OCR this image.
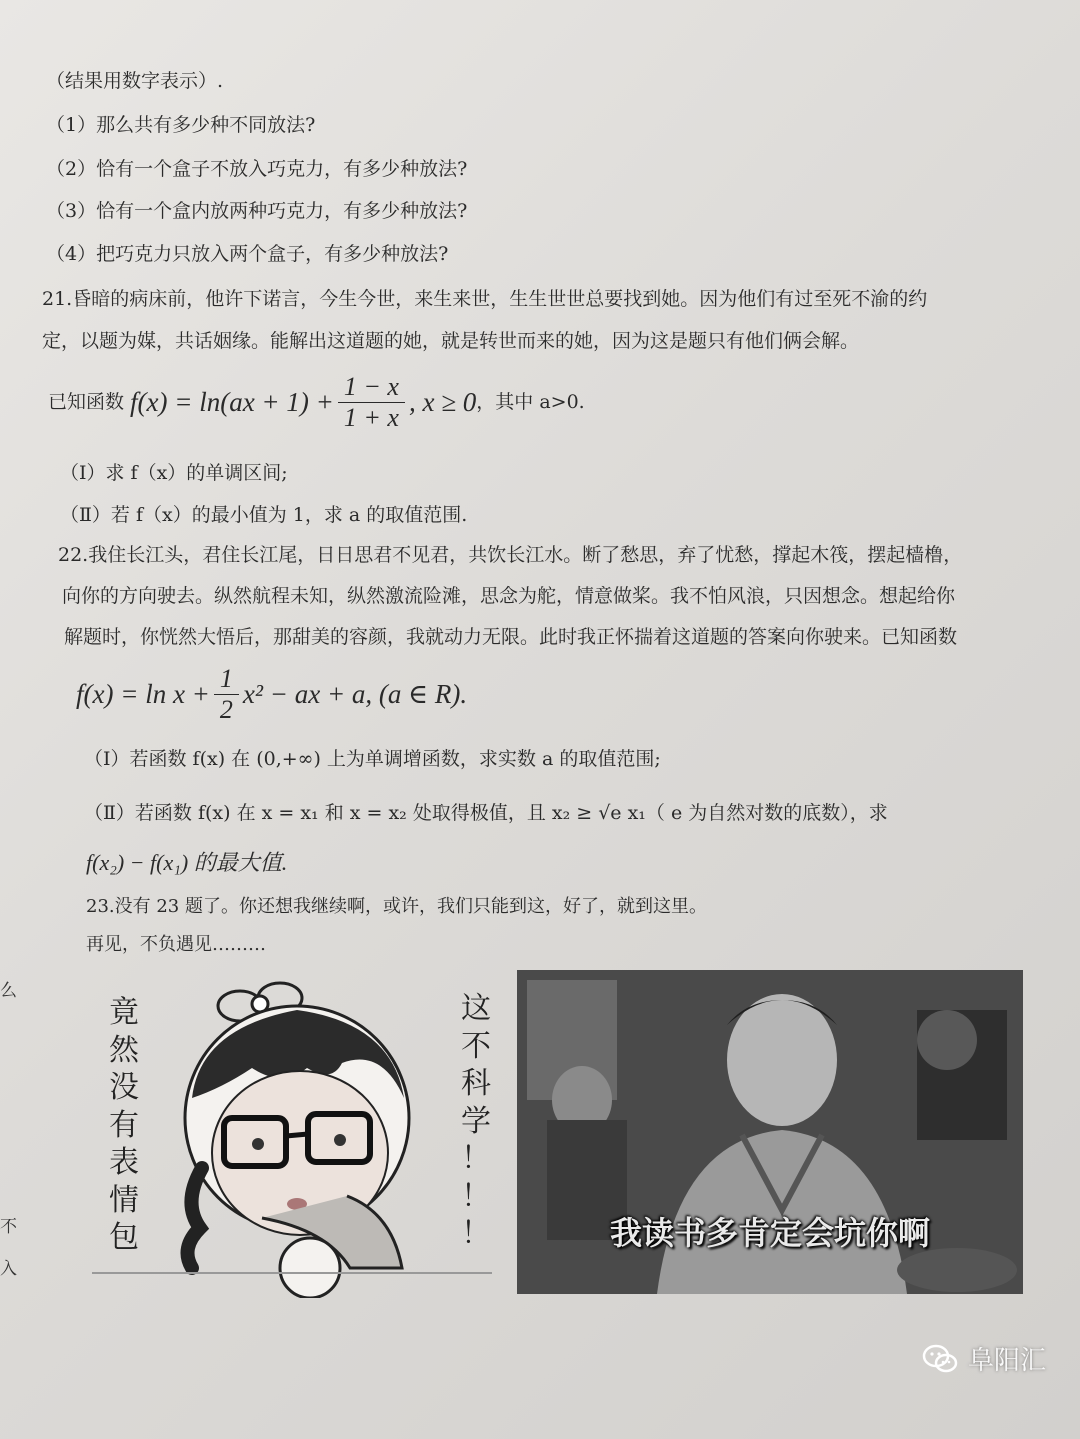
（结果用数字表示）.
（1）那么共有多少种不同放法?
（2）恰有一个盒子不放入巧克力，有多少种放法?
（3）恰有一个盒内放两种巧克力，有多少种放法?
（4）把巧克力只放入两个盒子，有多少种放法?
21.昏暗的病床前，他许下诺言，今生今世，来生来世，生生世世总要找到她。因为他们有过至死不渝的约
定，以题为媒，共话姻缘。能解出这道题的她，就是转世而来的她，因为这是题只有他们俩会解。
已知函数 $f(x) = \ln(ax + 1) + \frac{1 - x}{1 + x}$ , x ≥ 0 ，其中 a>0.
（Ⅰ）求 f（x）的单调区间;
（Ⅱ）若 f（x）的最小值为 1，求 a 的取值范围.
22.我住长江头，君住长江尾，日日思君不见君，共饮长江水。断了愁思，弃了忧愁，撑起木筏，摆起樯橹，
向你的方向驶去。纵然航程未知，纵然激流险滩，思念为舵，情意做桨。我不怕风浪，只因想念。想起给你
解题时，你恍然大悟后，那甜美的容颜，我就动力无限。此时我正怀揣着这道题的答案向你驶来。已知函数
$f(x) = \ln x + \frac{1}{2} x^2$ − ax + a, (a ∈ R).
（Ⅰ）若函数 f(x) 在 (0,+∞) 上为单调增函数，求实数 a 的取值范围;
（Ⅱ）若函数 f(x) 在 x = x₁ 和 x = x₂ 处取得极值，且 x₂ ≥ √e x₁（ e 为自然对数的底数），求
f(x₂) − f(x₁) 的最大值.
23.没有 23 题了。你还想我继续啊，或许，我们只能到这，好了，就到这里。
再见，不负遇见………
么
不
入
竟
然
没
有
表
情
包
这
不
科
学
！
！
！	我读书多肯定会坑你啊
阜阳汇
